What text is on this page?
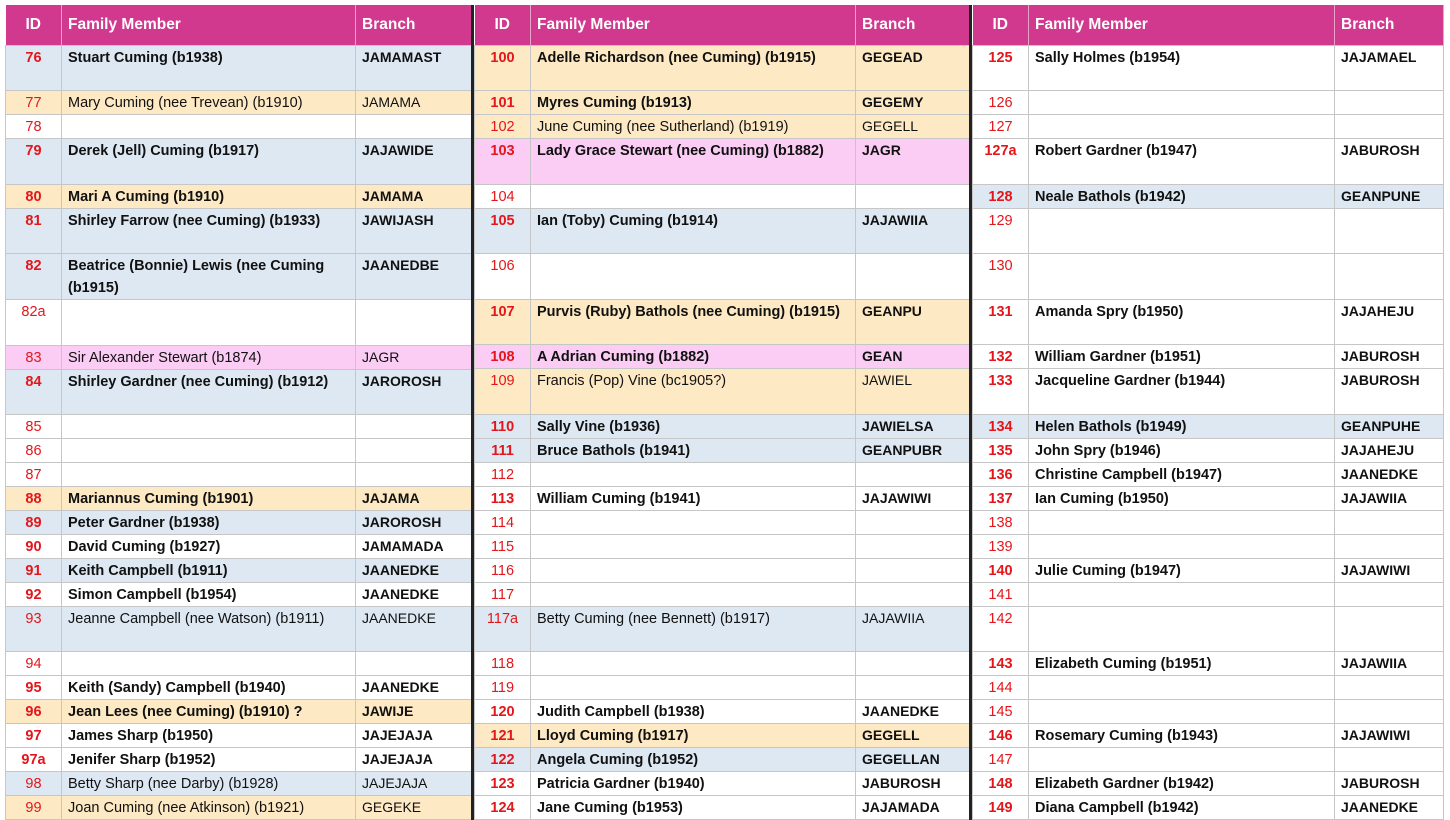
ID	Family Member	Branch
76	Stuart Cuming (b1938)	JAMAMAST
77	Mary Cuming (nee Trevean) (b1910)	JAMAMA
78		
79	Derek (Jell) Cuming (b1917)	JAJAWIDE
80	Mari A Cuming (b1910)	JAMAMA
81	Shirley Farrow (nee Cuming) (b1933)	JAWIJASH
82	Beatrice (Bonnie) Lewis (nee Cuming (b1915)	JAANEDBE
82a		
83	Sir Alexander Stewart (b1874)	JAGR
84	Shirley Gardner (nee Cuming) (b1912)	JAROROSH
85		
86		
87		
88	Mariannus Cuming (b1901)	JAJAMA
89	Peter Gardner (b1938)	JAROROSH
90	David Cuming (b1927)	JAMAMADA
91	Keith Campbell (b1911)	JAANEDKE
92	Simon Campbell (b1954)	JAANEDKE
93	Jeanne Campbell (nee Watson) (b1911)	JAANEDKE
94		
95	Keith (Sandy) Campbell (b1940)	JAANEDKE
96	Jean Lees (nee Cuming) (b1910) ?	JAWIJE
97	James Sharp (b1950)	JAJEJAJA
97a	Jenifer Sharp (b1952)	JAJEJAJA
98	Betty Sharp (nee Darby) (b1928)	JAJEJAJA
99	Joan Cuming (nee Atkinson) (b1921)	GEGEKE
ID	Family Member	Branch
100	Adelle Richardson (nee Cuming) (b1915)	GEGEAD
101	Myres Cuming (b1913)	GEGEMY
102	June Cuming (nee Sutherland) (b1919)	GEGELL
103	Lady Grace Stewart (nee Cuming) (b1882)	JAGR
104		
105	Ian (Toby) Cuming (b1914)	JAJAWIIA
106		
107	Purvis (Ruby) Bathols (nee Cuming) (b1915)	GEANPU
108	A Adrian Cuming (b1882)	GEAN
109	Francis (Pop) Vine (bc1905?)	JAWIEL
110	Sally Vine (b1936)	JAWIELSA
111	Bruce Bathols (b1941)	GEANPUBR
112		
113	William Cuming (b1941)	JAJAWIWI
114		
115		
116		
117		
117a	Betty Cuming (nee Bennett) (b1917)	JAJAWIIA
118		
119		
120	Judith Campbell (b1938)	JAANEDKE
121	Lloyd Cuming (b1917)	GEGELL
122	Angela Cuming (b1952)	GEGELLAN
123	Patricia Gardner (b1940)	JABUROSH
124	Jane Cuming (b1953)	JAJAMADA
ID	Family Member	Branch
125	Sally Holmes (b1954)	JAJAMAEL
126		
127		
127a	Robert Gardner (b1947)	JABUROSH
128	Neale Bathols (b1942)	GEANPUNE
129		
130		
131	Amanda Spry (b1950)	JAJAHEJU
132	William Gardner (b1951)	JABUROSH
133	Jacqueline Gardner (b1944)	JABUROSH
134	Helen Bathols (b1949)	GEANPUHE
135	John Spry (b1946)	JAJAHEJU
136	Christine Campbell (b1947)	JAANEDKE
137	Ian Cuming (b1950)	JAJAWIIA
138		
139		
140	Julie Cuming (b1947)	JAJAWIWI
141		
142		
143	Elizabeth Cuming (b1951)	JAJAWIIA
144		
145		
146	Rosemary Cuming (b1943)	JAJAWIWI
147		
148	Elizabeth Gardner (b1942)	JABUROSH
149	Diana Campbell (b1942)	JAANEDKE
